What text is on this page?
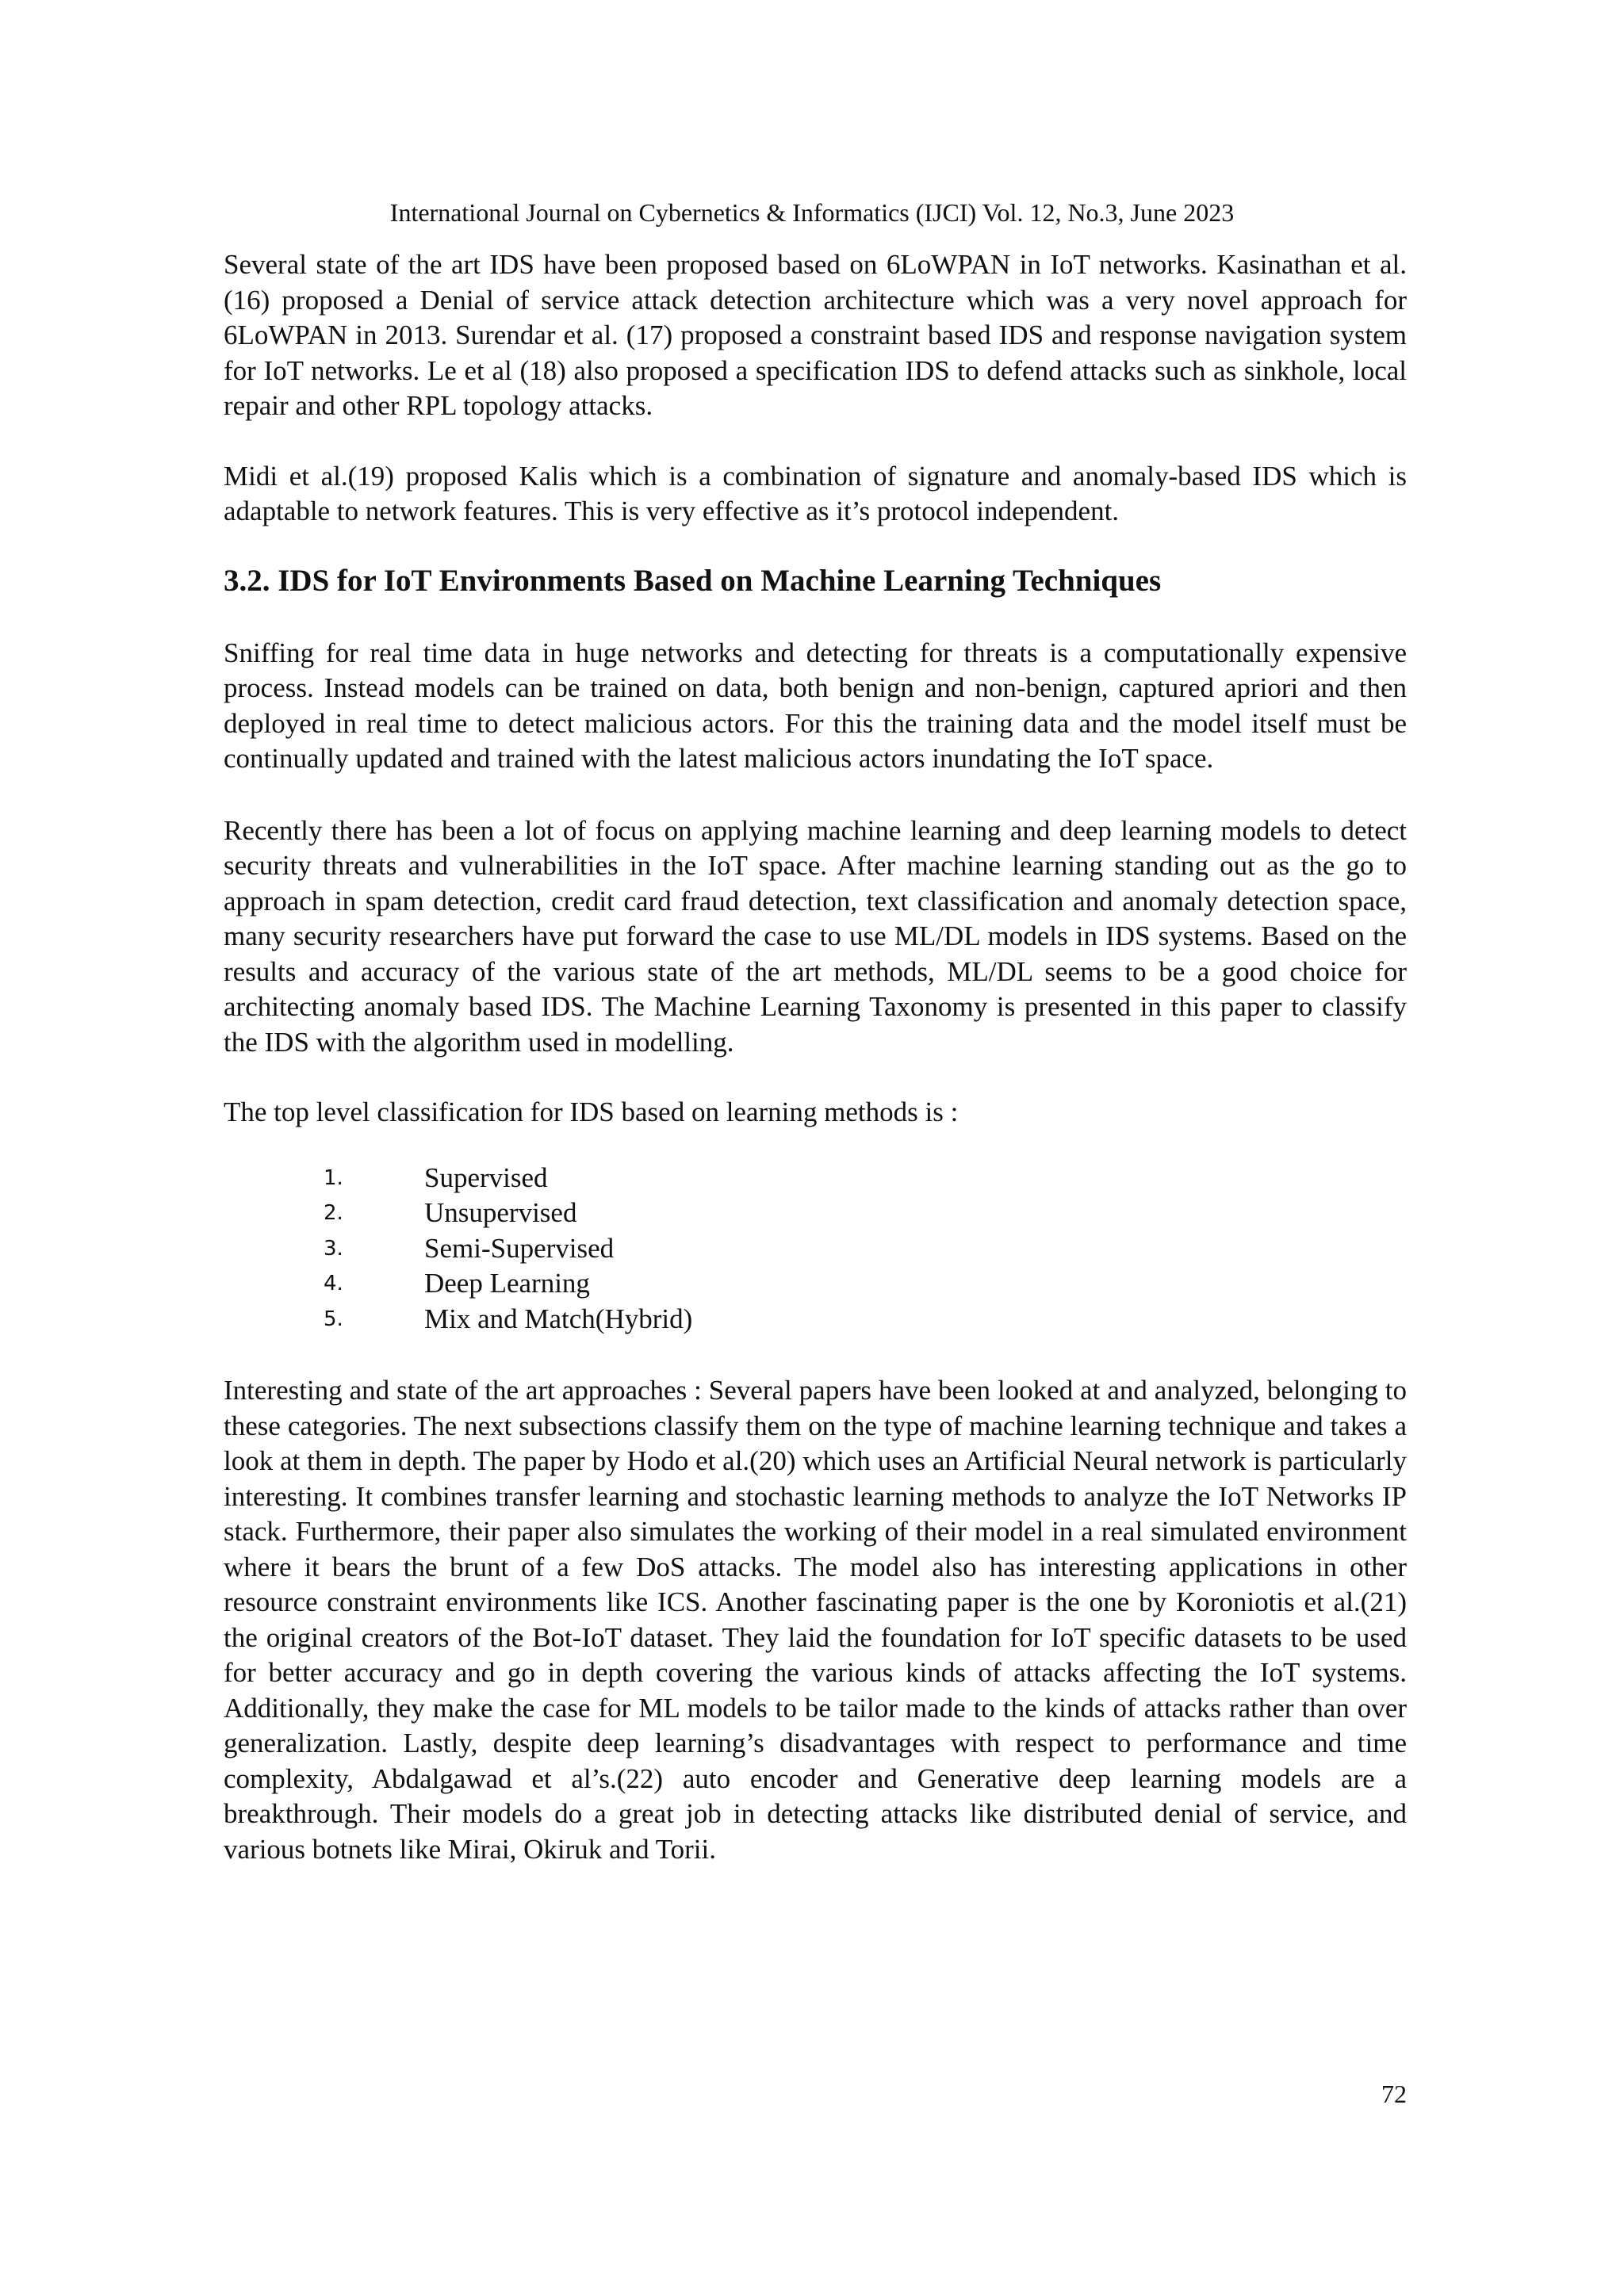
International Journal on Cybernetics & Informatics (IJCI) Vol. 12, No.3, June 2023

Several state of the art IDS have been proposed based on 6LoWPAN in IoT networks. Kasinathan et al. (16) proposed a Denial of service attack detection architecture which was a very novel approach for 6LoWPAN in 2013. Surendar et al. (17) proposed a constraint based IDS and response navigation system for IoT networks. Le et al (18) also proposed a specification IDS to defend attacks such as sinkhole, local repair and other RPL topology attacks.

Midi et al.(19) proposed Kalis which is a combination of signature and anomaly-based IDS which is adaptable to network features. This is very effective as it’s protocol independent.

3.2. IDS for IoT Environments Based on Machine Learning Techniques

Sniffing for real time data in huge networks and detecting for threats is a computationally expensive process. Instead models can be trained on data, both benign and non-benign, captured apriori and then deployed in real time to detect malicious actors. For this the training data and the model itself must be continually updated and trained with the latest malicious actors inundating the IoT space.

Recently there has been a lot of focus on applying machine learning and deep learning models to detect security threats and vulnerabilities in the IoT space. After machine learning standing out as the go to approach in spam detection, credit card fraud detection, text classification and anomaly detection space, many security researchers have put forward the case to use ML/DL models in IDS systems. Based on the results and accuracy of the various state of the art methods, ML/DL seems to be a good choice for architecting anomaly based IDS. The Machine Learning Taxonomy is presented in this paper to classify the IDS with the algorithm used in modelling.

The top level classification for IDS based on learning methods is :

1.	Supervised
2.	Unsupervised
3.	Semi-Supervised
4.	Deep Learning
5.	Mix and Match(Hybrid)

Interesting and state of the art approaches : Several papers have been looked at and analyzed, belonging to these categories. The next subsections classify them on the type of machine learning technique and takes a look at them in depth. The paper by Hodo et al.(20) which uses an Artificial Neural network is particularly interesting. It combines transfer learning and stochastic learning methods to analyze the IoT Networks IP stack. Furthermore, their paper also simulates the working of their model in a real simulated environment where it bears the brunt of a few DoS attacks. The model also has interesting applications in other resource constraint environments like ICS. Another fascinating paper is the one by Koroniotis et al.(21) the original creators of the Bot-IoT dataset. They laid the foundation for IoT specific datasets to be used for better accuracy and go in depth covering the various kinds of attacks affecting the IoT systems. Additionally, they make the case for ML models to be tailor made to the kinds of attacks rather than over generalization. Lastly, despite deep learning’s disadvantages with respect to performance and time complexity, Abdalgawad et al’s.(22) auto encoder and Generative deep learning models are a breakthrough. Their models do a great job in detecting attacks like distributed denial of service, and various botnets like Mirai, Okiruk and Torii.

72
